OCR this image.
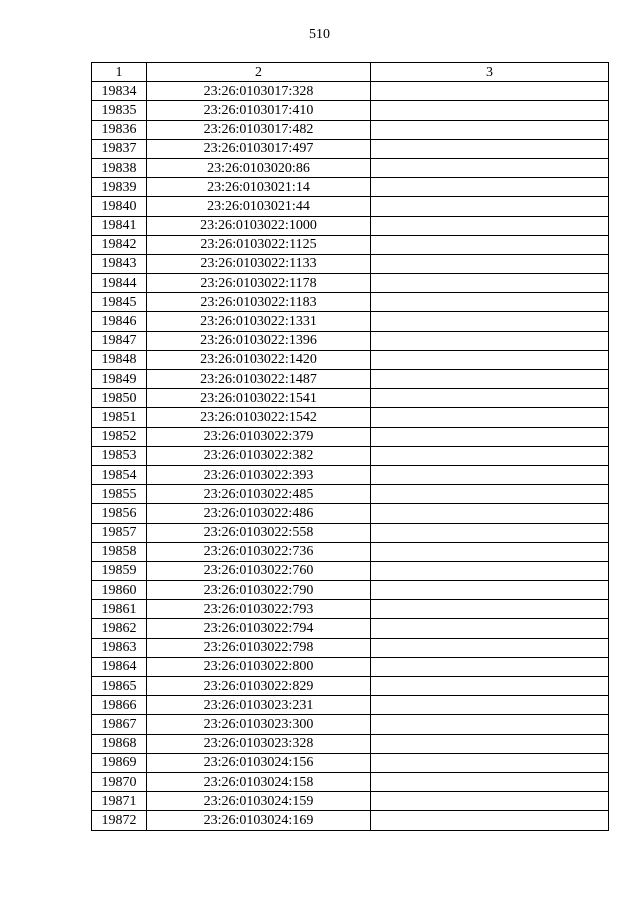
510
1	2	3
19834	23:26:0103017:328	
19835	23:26:0103017:410	
19836	23:26:0103017:482	
19837	23:26:0103017:497	
19838	23:26:0103020:86	
19839	23:26:0103021:14	
19840	23:26:0103021:44	
19841	23:26:0103022:1000	
19842	23:26:0103022:1125	
19843	23:26:0103022:1133	
19844	23:26:0103022:1178	
19845	23:26:0103022:1183	
19846	23:26:0103022:1331	
19847	23:26:0103022:1396	
19848	23:26:0103022:1420	
19849	23:26:0103022:1487	
19850	23:26:0103022:1541	
19851	23:26:0103022:1542	
19852	23:26:0103022:379	
19853	23:26:0103022:382	
19854	23:26:0103022:393	
19855	23:26:0103022:485	
19856	23:26:0103022:486	
19857	23:26:0103022:558	
19858	23:26:0103022:736	
19859	23:26:0103022:760	
19860	23:26:0103022:790	
19861	23:26:0103022:793	
19862	23:26:0103022:794	
19863	23:26:0103022:798	
19864	23:26:0103022:800	
19865	23:26:0103022:829	
19866	23:26:0103023:231	
19867	23:26:0103023:300	
19868	23:26:0103023:328	
19869	23:26:0103024:156	
19870	23:26:0103024:158	
19871	23:26:0103024:159	
19872	23:26:0103024:169	
